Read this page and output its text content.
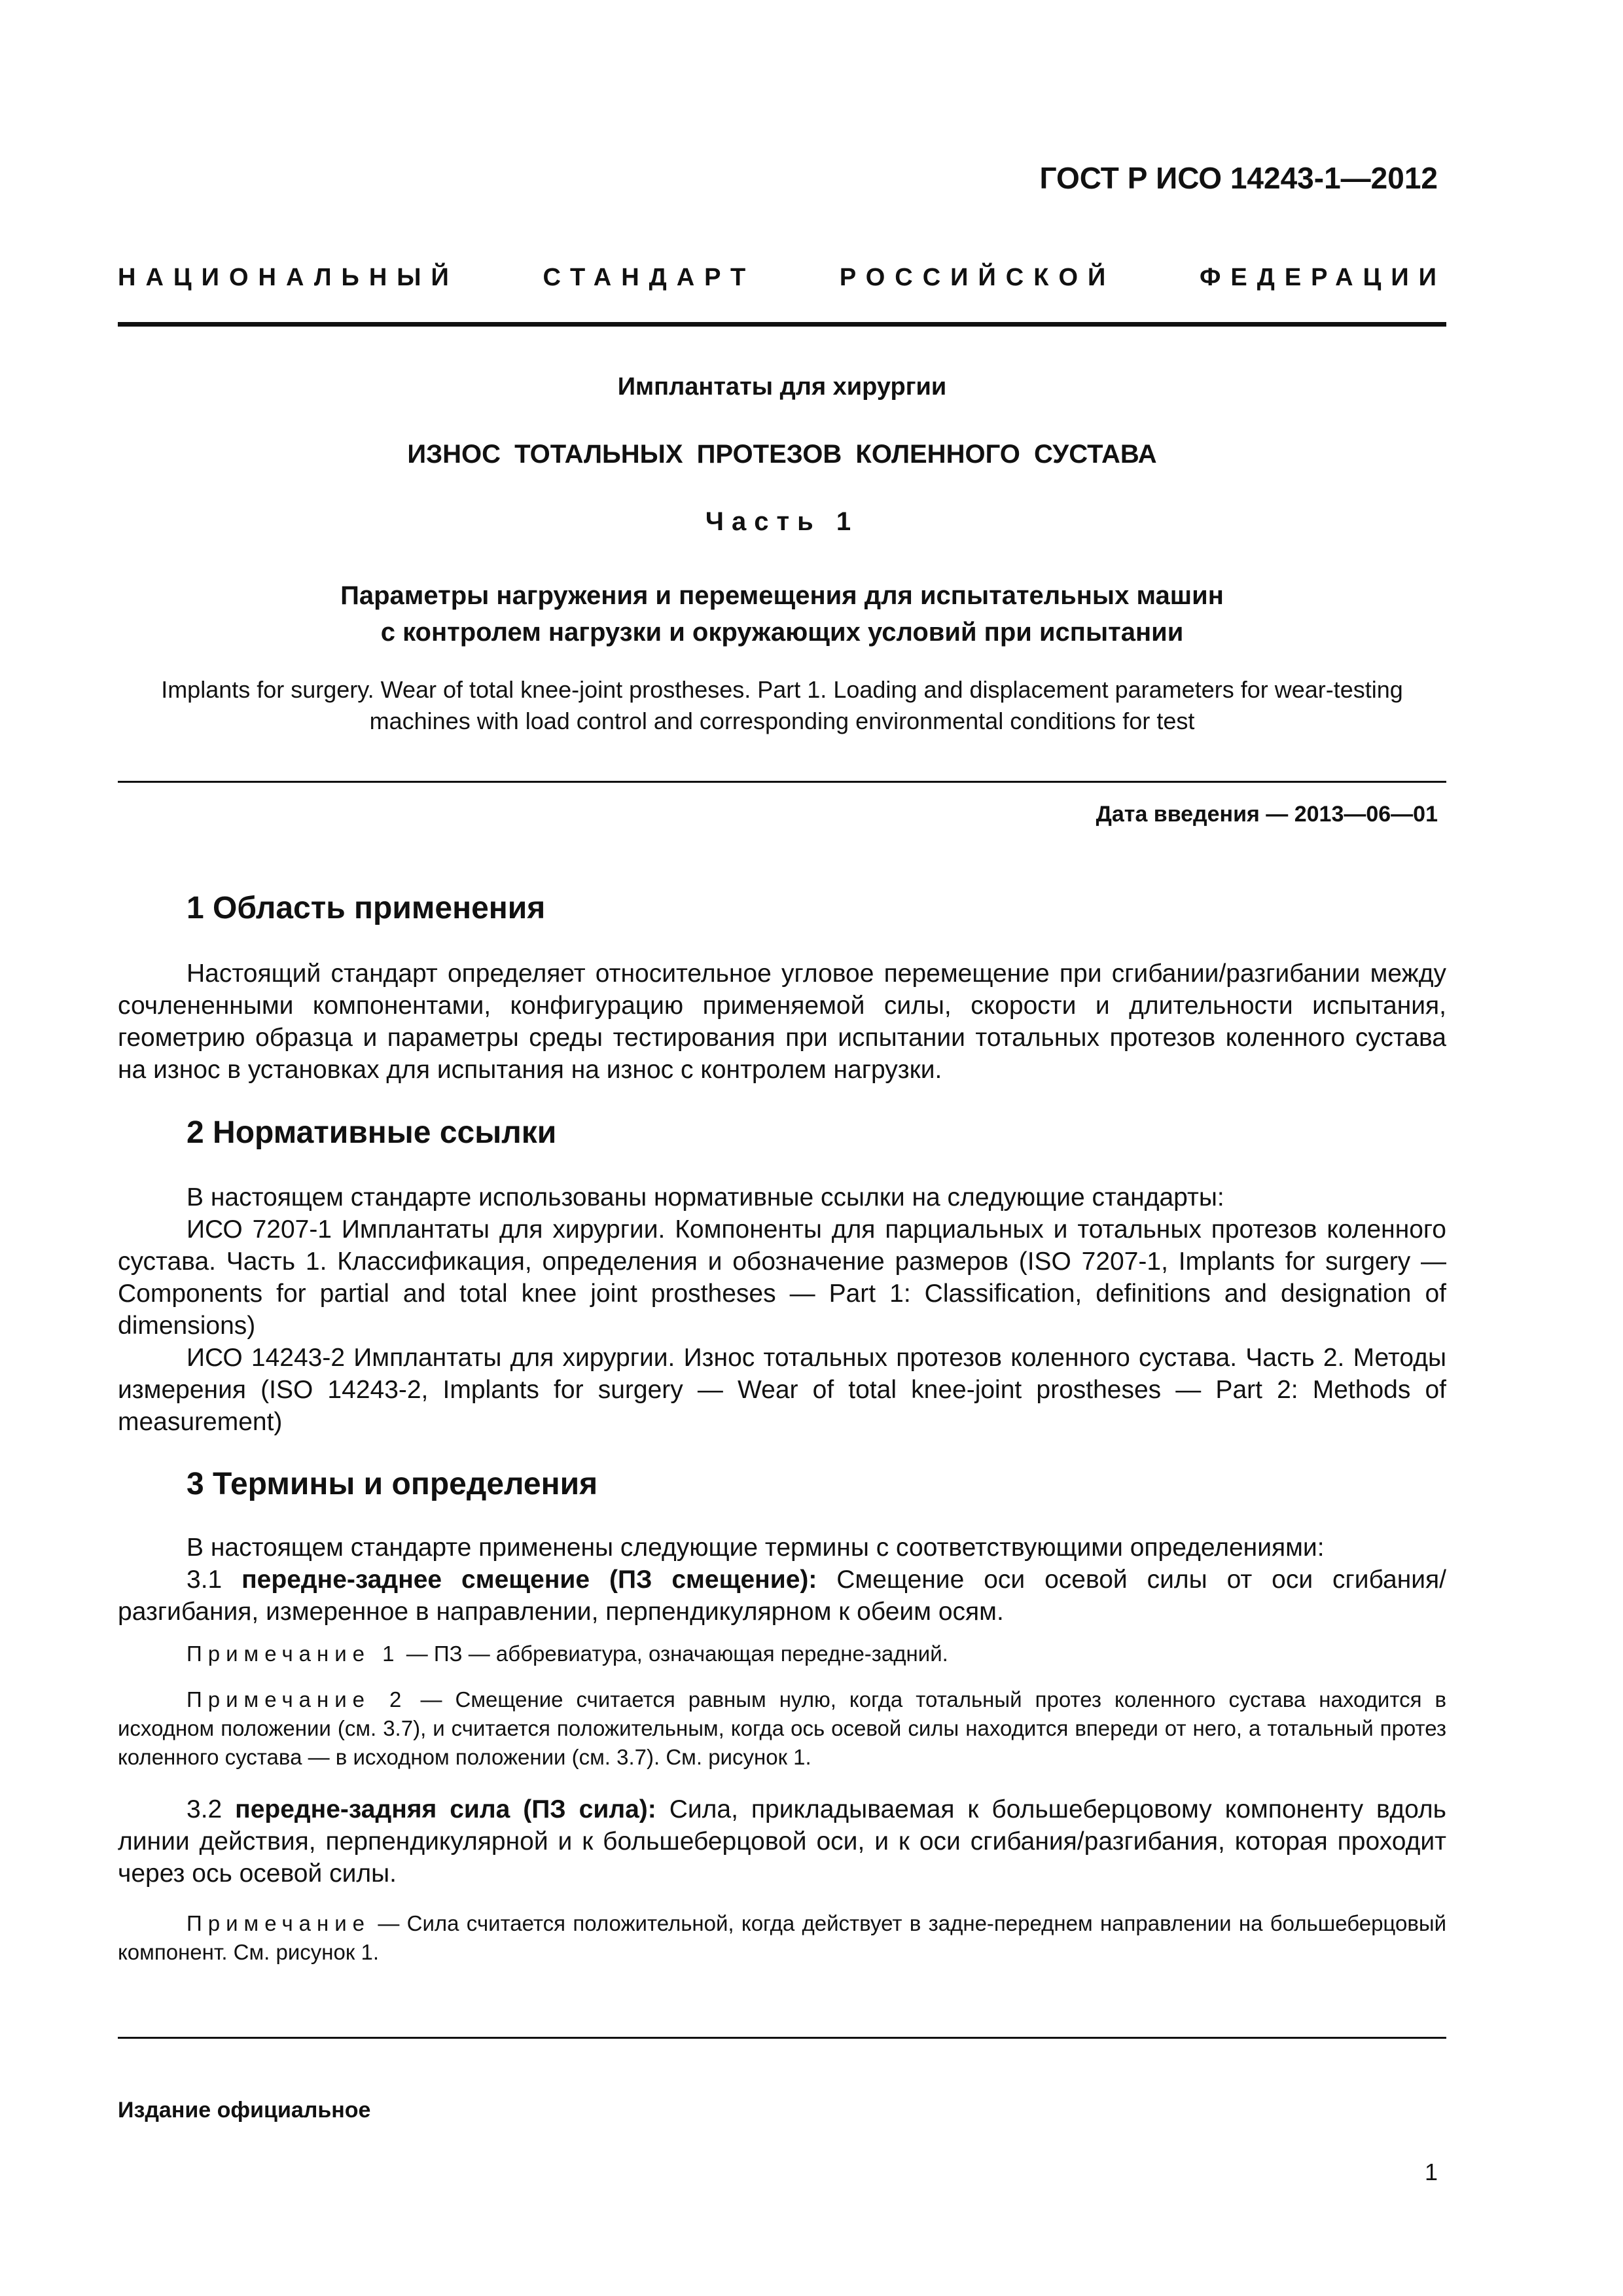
ГОСТ Р ИСО 14243-1—2012
НАЦИОНАЛЬНЫЙ	СТАНДАРТ	РОССИЙСКОЙ	ФЕДЕРАЦИИ
Имплантаты для хирургии
ИЗНОС ТОТАЛЬНЫХ ПРОТЕЗОВ КОЛЕННОГО СУСТАВА
Часть 1
Параметры нагружения и перемещения для испытательных машин
с контролем нагрузки и окружающих условий при испытании
Implants for surgery. Wear of total knee-joint prostheses. Part 1. Loading and displacement parameters for wear-testing
machines with load control and corresponding environmental conditions for test
Дата введения — 2013—06—01
1 Область применения
Настоящий стандарт определяет относительное угловое перемещение при сгибании/разгибании между сочлененными компонентами, конфигурацию применяемой силы, скорости и длительности испытания, геометрию образца и параметры среды тестирования при испытании тотальных протезов коленного сустава на износ в установках для испытания на износ с контролем нагрузки.
2 Нормативные ссылки

В настоящем стандарте использованы нормативные ссылки на следующие стандарты:

ИСО 7207-1 Имплантаты для хирургии. Компоненты для парциальных и тотальных протезов коленного сустава. Часть 1. Классификация, определения и обозначение размеров (ISO 7207-1, Implants for surgery — Components for partial and total knee joint prostheses — Part 1: Classification, definitions and designation of dimensions)

ИСО 14243-2 Имплантаты для хирургии. Износ тотальных протезов коленного сустава. Часть 2. Методы измерения (ISO 14243-2, Implants for surgery — Wear of total knee-joint prostheses — Part 2: Methods of measurement)

3 Термины и определения

В настоящем стандарте применены следующие термины с соответствующими определениями:

3.1 передне-заднее смещение (ПЗ смещение): Смещение оси осевой силы от оси сгибания/разгибания, измеренное в направлении, перпендикулярном к обеим осям.

Примечание 1 — ПЗ — аббревиатура, означающая передне-задний.
Примечание 2 — Смещение считается равным нулю, когда тотальный протез коленного сустава находится в исходном положении (см. 3.7), и считается положительным, когда ось осевой силы находится впереди от него, а тотальный протез коленного сустава — в исходном положении (см. 3.7). См. рисунок 1.
3.2 передне-задняя сила (ПЗ сила): Сила, прикладываемая к большеберцовому компоненту вдоль линии действия, перпендикулярной и к большеберцовой оси, и к оси сгибания/разгибания, которая проходит через ось осевой силы.
Примечание — Сила считается положительной, когда действует в задне-переднем направлении на большеберцовый компонент. См. рисунок 1.
Издание официальное
1
